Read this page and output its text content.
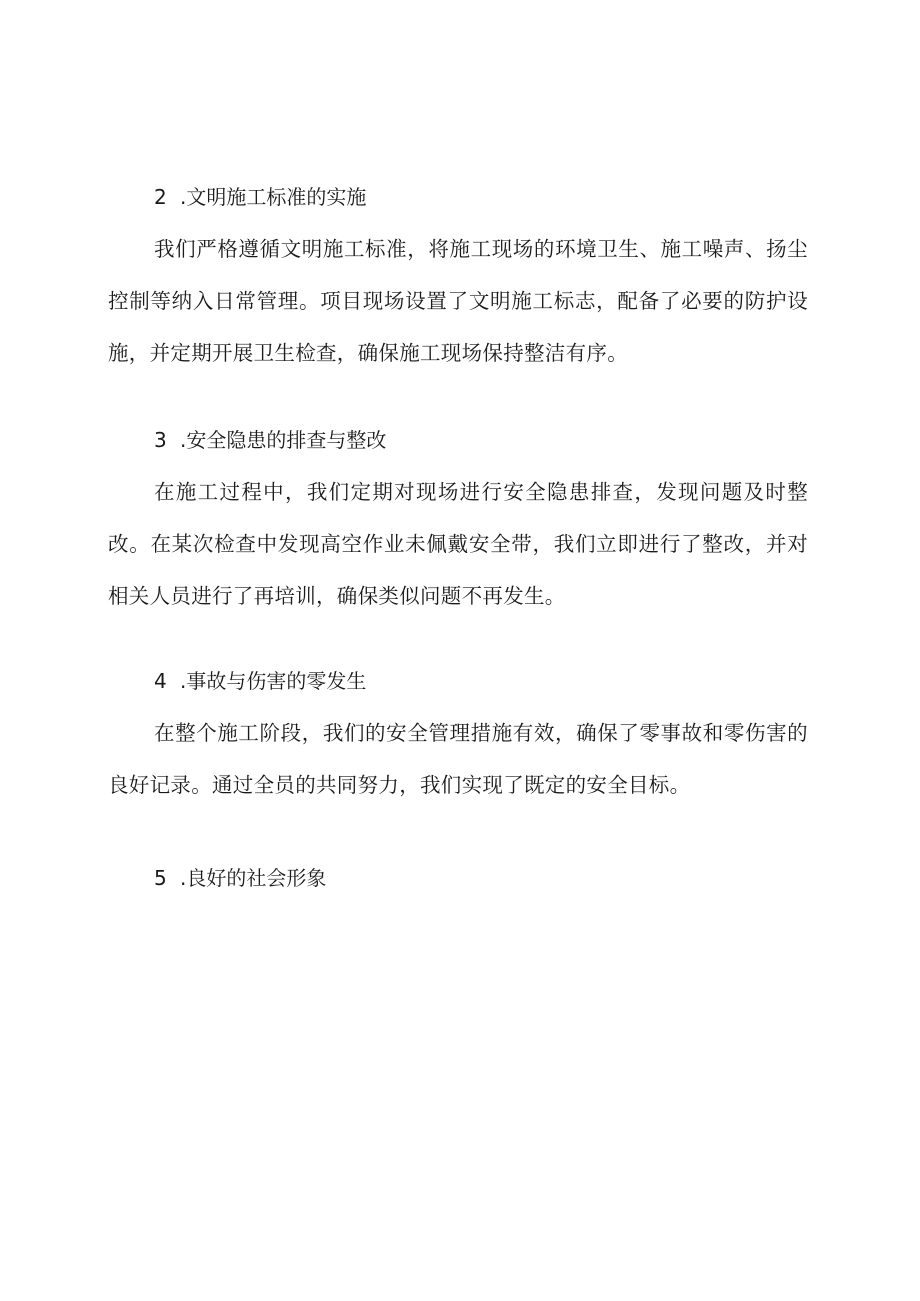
2 .文明施工标准的实施

我们严格遵循文明施工标准，将施工现场的环境卫生、施工噪声、扬尘控制等纳入日常管理。项目现场设置了文明施工标志，配备了必要的防护设施，并定期开展卫生检查，确保施工现场保持整洁有序。

3 .安全隐患的排查与整改

在施工过程中，我们定期对现场进行安全隐患排查，发现问题及时整改。在某次检查中发现高空作业未佩戴安全带，我们立即进行了整改，并对相关人员进行了再培训，确保类似问题不再发生。

4 .事故与伤害的零发生

在整个施工阶段，我们的安全管理措施有效，确保了零事故和零伤害的良好记录。通过全员的共同努力，我们实现了既定的安全目标。

5 .良好的社会形象
